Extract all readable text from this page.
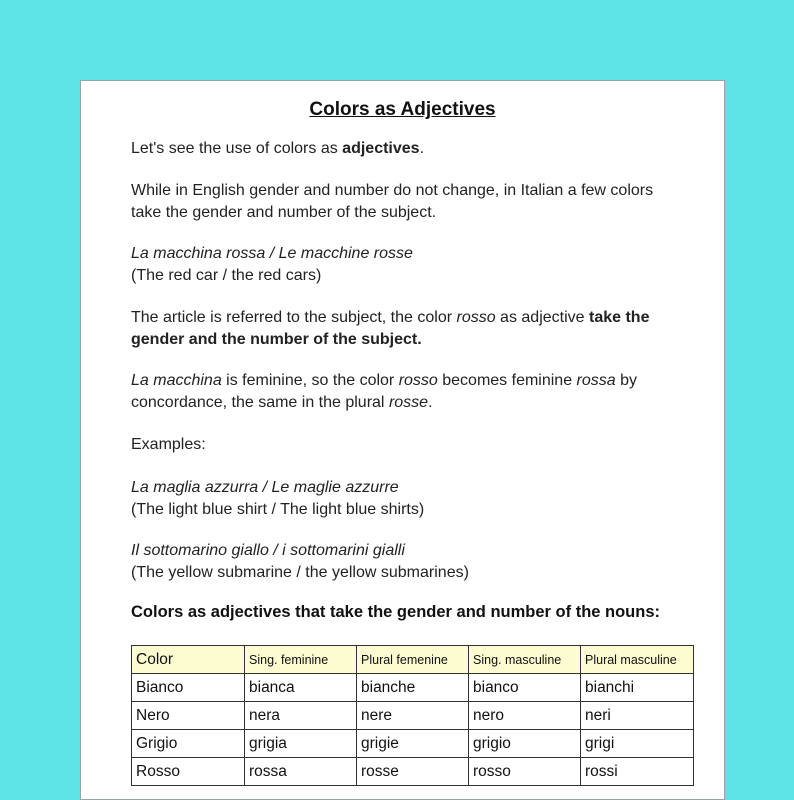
Colors as Adjectives
Let's see the use of colors as adjectives.
While in English gender and number do not change, in Italian a few colors take the gender and number of the subject.
La macchina rossa / Le macchine rosse
(The red car / the red cars)
The article is referred to the subject, the color rosso as adjective take the gender and the number of the subject.
La macchina is feminine, so the color rosso becomes feminine rossa by concordance, the same in the plural rosse.
Examples:
La maglia azzurra / Le maglie azzurre
(The light blue shirt / The light blue shirts)
Il sottomarino giallo / i sottomarini gialli
(The yellow submarine / the yellow submarines)
Colors as adjectives that take the gender and number of the nouns:
Color	Sing. feminine	Plural femenine	Sing. masculine	Plural masculine
Bianco	bianca	bianche	bianco	bianchi
Nero	nera	nere	nero	neri
Grigio	grigia	grigie	grigio	grigi
Rosso	rossa	rosse	rosso	rossi
